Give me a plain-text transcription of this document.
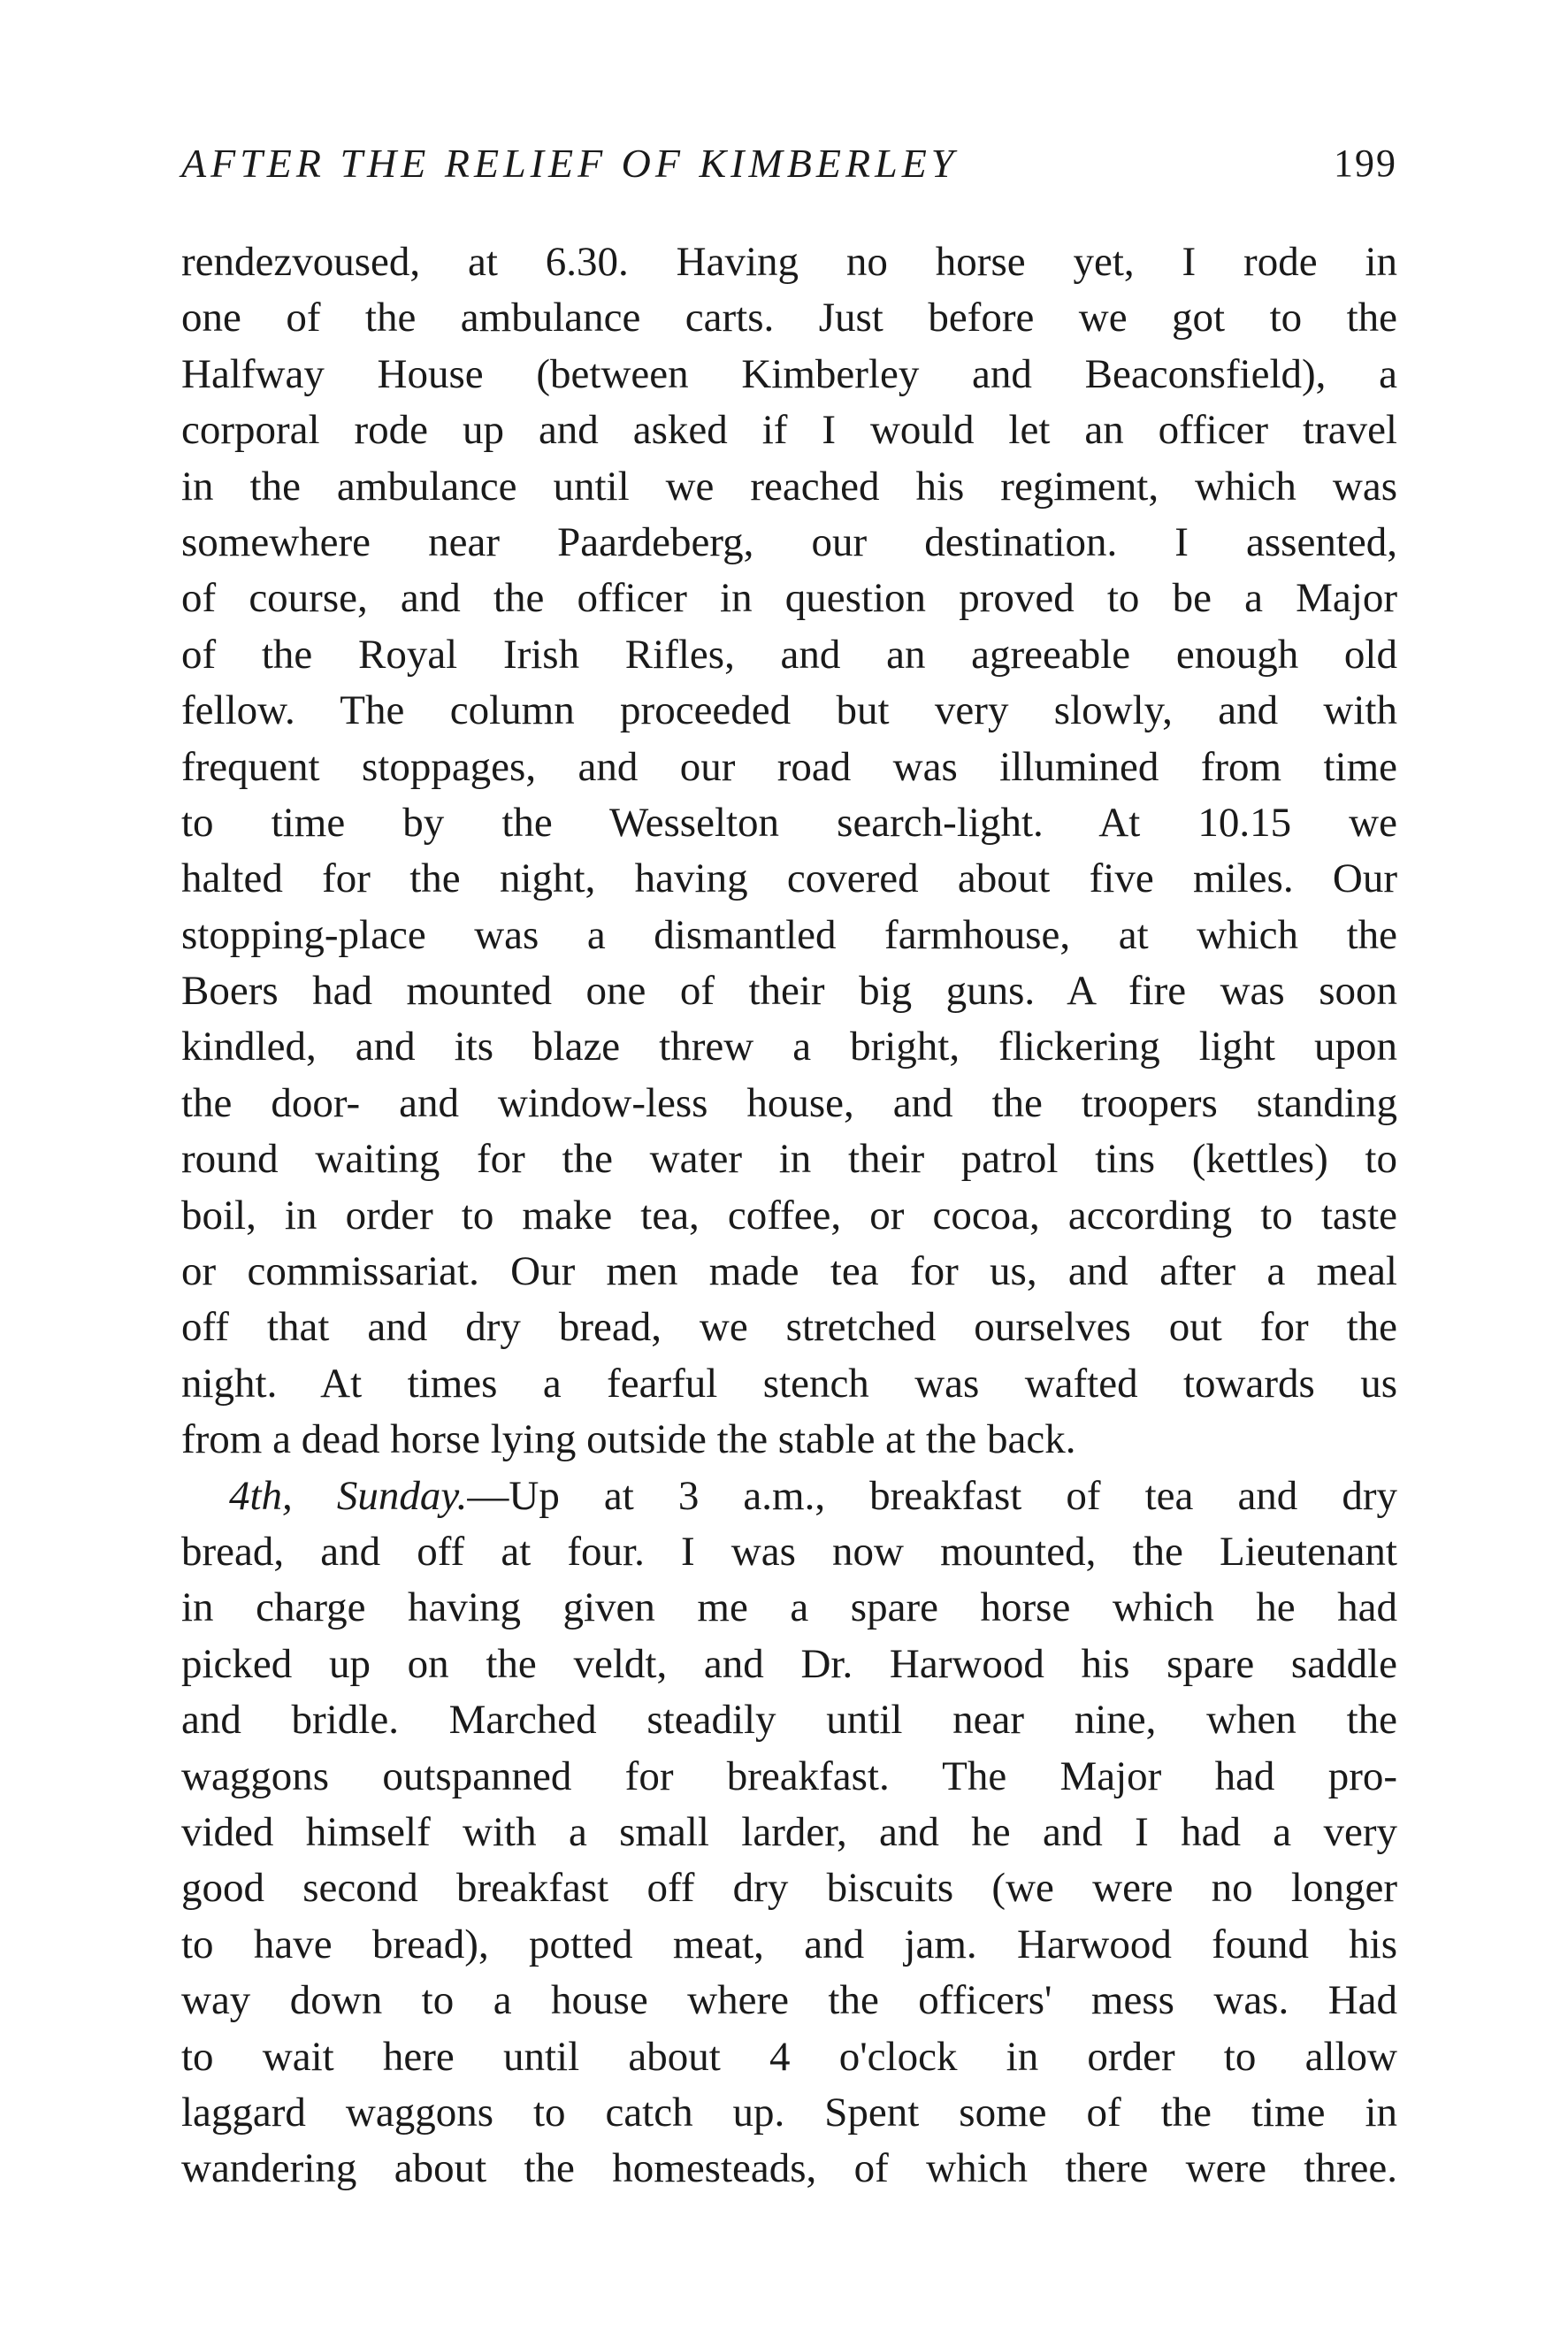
AFTER THE RELIEF OF KIMBERLEY	199
rendezvoused, at 6.30. Having no horse yet, I rode in
one of the ambulance carts. Just before we got to the
Halfway House (between Kimberley and Beaconsfield), a
corporal rode up and asked if I would let an officer travel
in the ambulance until we reached his regiment, which was
somewhere near Paardeberg, our destination. I assented,
of course, and the officer in question proved to be a Major
of the Royal Irish Rifles, and an agreeable enough old
fellow. The column proceeded but very slowly, and with
frequent stoppages, and our road was illumined from time
to time by the Wesselton search-light. At 10.15 we
halted for the night, having covered about five miles. Our
stopping-place was a dismantled farmhouse, at which the
Boers had mounted one of their big guns. A fire was soon
kindled, and its blaze threw a bright, flickering light upon
the door- and window-less house, and the troopers standing
round waiting for the water in their patrol tins (kettles) to
boil, in order to make tea, coffee, or cocoa, according to taste
or commissariat. Our men made tea for us, and after a meal
off that and dry bread, we stretched ourselves out for the
night. At times a fearful stench was wafted towards us
from a dead horse lying outside the stable at the back.
4th, Sunday.—Up at 3 a.m., breakfast of tea and dry
bread, and off at four. I was now mounted, the Lieutenant
in charge having given me a spare horse which he had
picked up on the veldt, and Dr. Harwood his spare saddle
and bridle. Marched steadily until near nine, when the
waggons outspanned for breakfast. The Major had pro-
vided himself with a small larder, and he and I had a very
good second breakfast off dry biscuits (we were no longer
to have bread), potted meat, and jam. Harwood found his
way down to a house where the officers' mess was. Had
to wait here until about 4 o'clock in order to allow
laggard waggons to catch up. Spent some of the time in
wandering about the homesteads, of which there were three.
